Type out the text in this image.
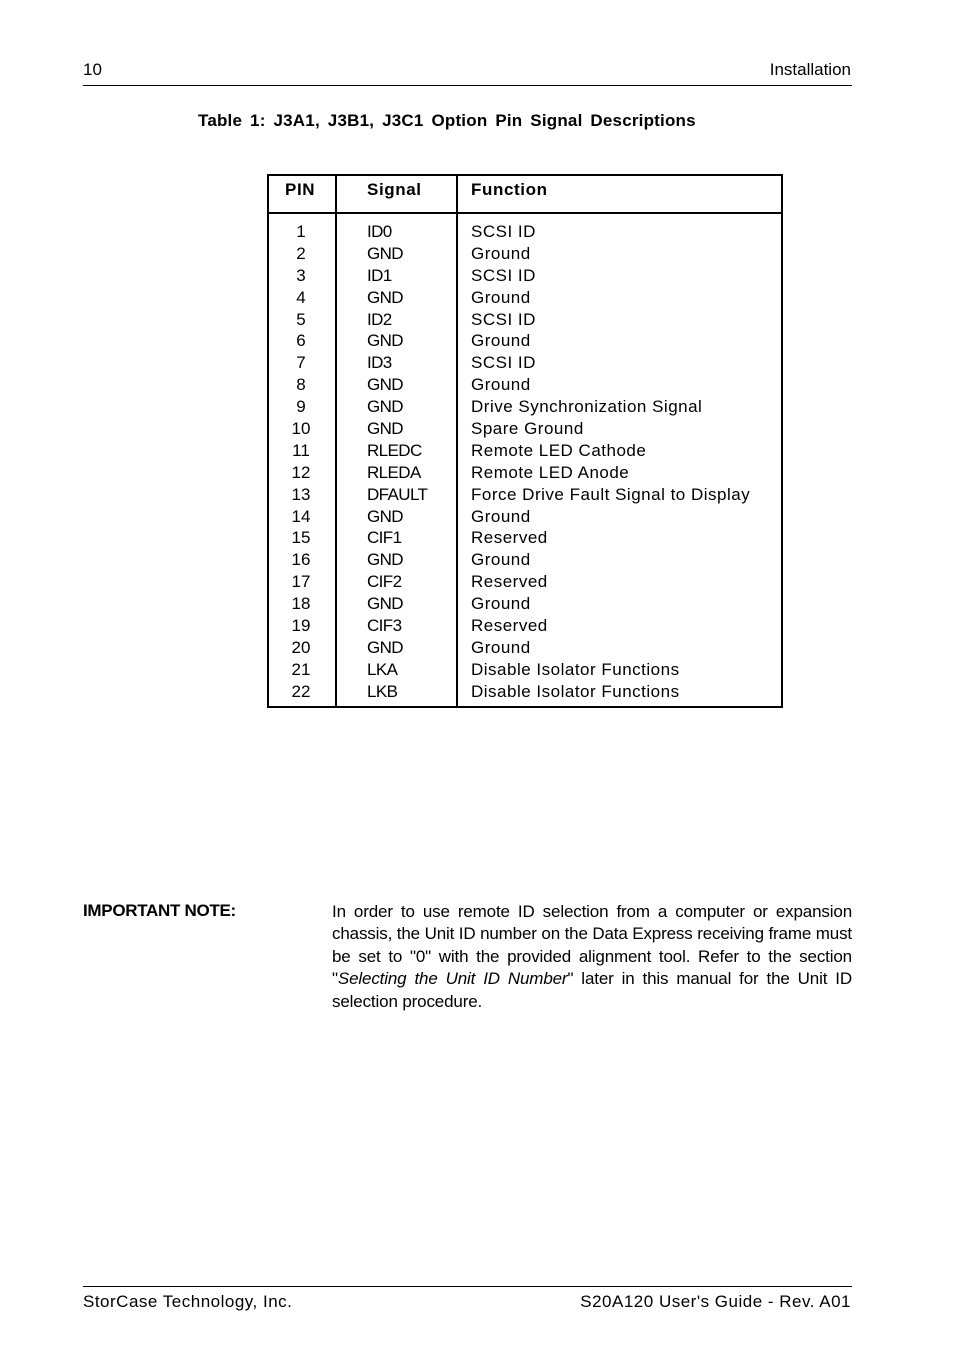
10	Installation
Table 1: J3A1, J3B1, J3C1 Option Pin Signal Descriptions
PIN	Signal	Function
1	ID0	SCSI ID
2	GND	Ground
3	ID1	SCSI ID
4	GND	Ground
5	ID2	SCSI ID
6	GND	Ground
7	ID3	SCSI ID
8	GND	Ground
9	GND	Drive Synchronization Signal
10	GND	Spare Ground
11	RLEDC	Remote LED Cathode
12	RLEDA	Remote LED Anode
13	DFAULT	Force Drive Fault Signal to Display
14	GND	Ground
15	CIF1	Reserved
16	GND	Ground
17	CIF2	Reserved
18	GND	Ground
19	CIF3	Reserved
20	GND	Ground
21	LKA	Disable Isolator Functions
22	LKB	Disable Isolator Functions
IMPORTANT NOTE:	In order to use remote ID selection from a computer or expansion chassis, the Unit ID number on the Data Express receiving frame must be set to "0" with the provided alignment tool. Refer to the section "Selecting the Unit ID Number" later in this manual for the Unit ID selection procedure.
StorCase Technology, Inc.	S20A120 User's Guide - Rev. A01
